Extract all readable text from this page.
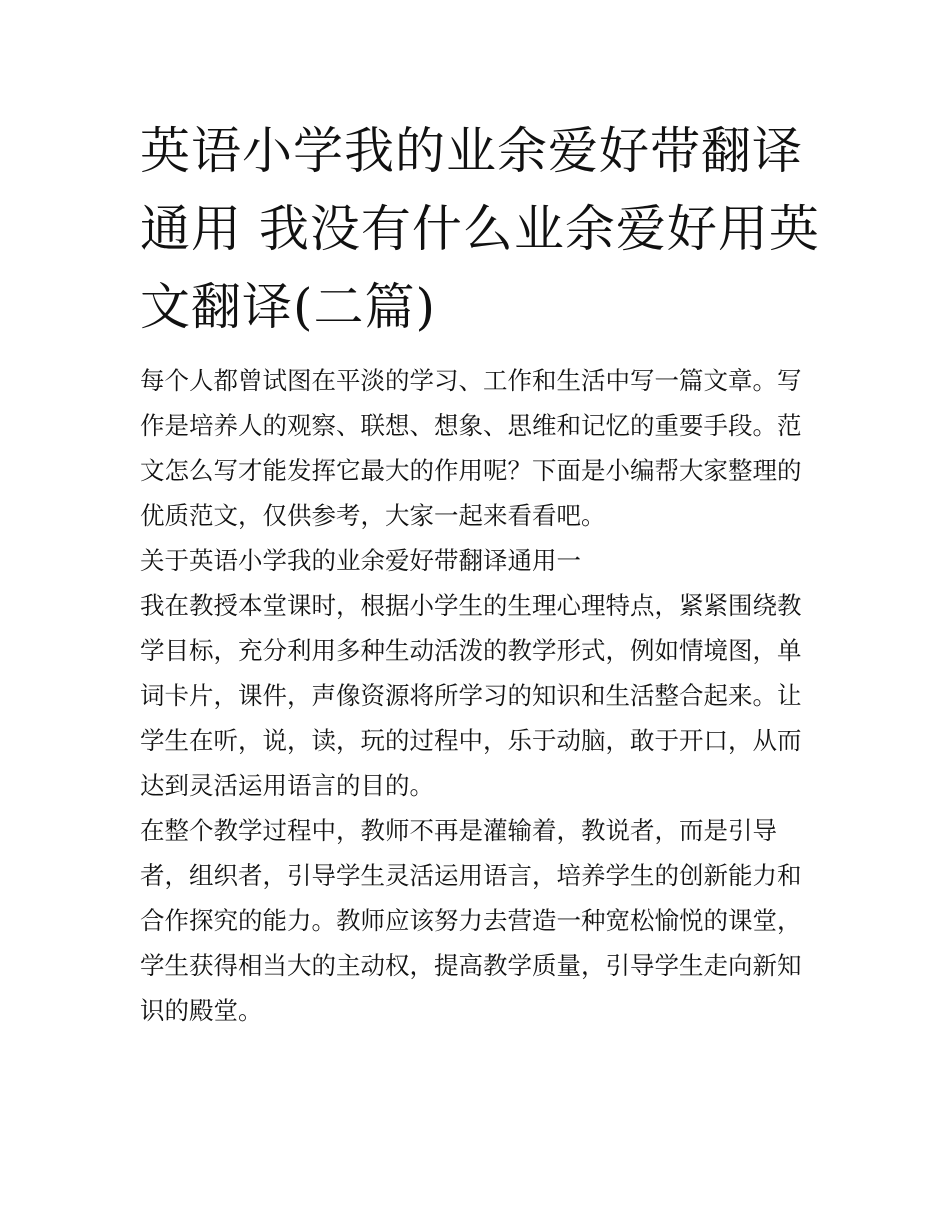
英语小学我的业余爱好带翻译
通用 我没有什么业余爱好用英
文翻译(二篇)

每个人都曾试图在平淡的学习、工作和生活中写一篇文章。写
作是培养人的观察、联想、想象、思维和记忆的重要手段。范
文怎么写才能发挥它最大的作用呢？下面是小编帮大家整理的
优质范文，仅供参考，大家一起来看看吧。

关于英语小学我的业余爱好带翻译通用一

我在教授本堂课时，根据小学生的生理心理特点，紧紧围绕教
学目标，充分利用多种生动活泼的教学形式，例如情境图，单
词卡片，课件，声像资源将所学习的知识和生活整合起来。让
学生在听，说，读，玩的过程中，乐于动脑，敢于开口，从而
达到灵活运用语言的目的。

在整个教学过程中，教师不再是灌输着，教说者，而是引导
者，组织者，引导学生灵活运用语言，培养学生的创新能力和
合作探究的能力。教师应该努力去营造一种宽松愉悦的课堂，
学生获得相当大的主动权，提高教学质量，引导学生走向新知
识的殿堂。
